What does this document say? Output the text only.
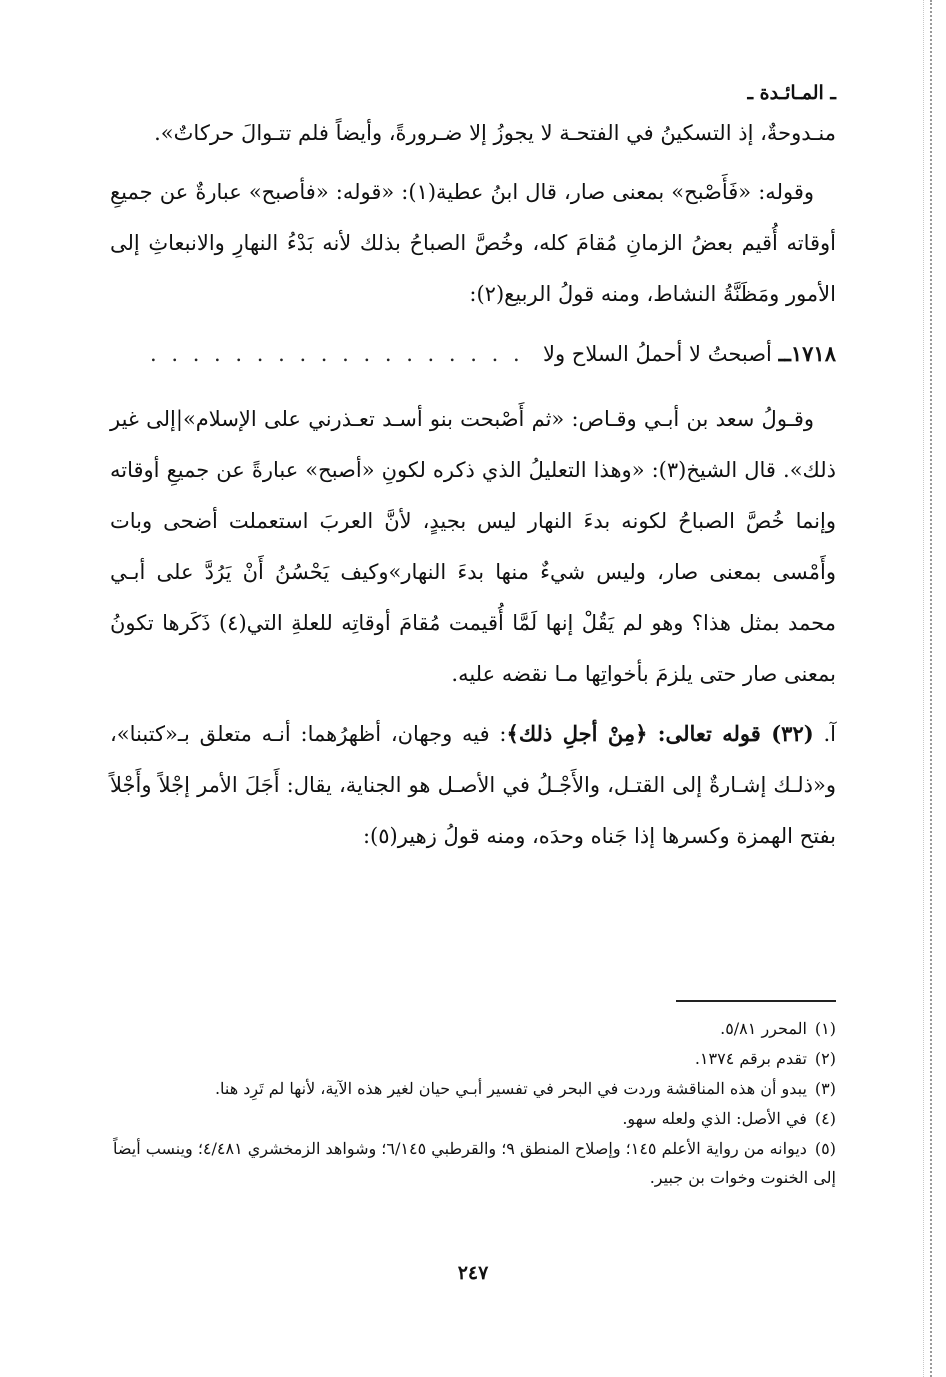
ـ المـائـدة ـ

منـدوحةٌ، إذ التسكينُ في الفتحـة لا يجوزُ إلا ضـرورةً، وأيضاً فلم تتـوالَ حركاتٌ».

وقوله: «فَأَصْبح» بمعنى صار، قال ابنُ عطية(١): «قوله: «فأصبح» عبارةٌ عن جميعِ أوقاته أُقيم بعضُ الزمانِ مُقامَ كله، وخُصَّ الصباحُ بذلك لأنه بَدْءُ النهارِ والانبعاثِ إلى الأمور ومَظَنَّةُ النشاط، ومنه قولُ الربيع(٢):

١٧١٨ــ أصبحتُ لا أحملُ السلاح ولا
. . . . . . . . . . . . . . . . . .

وقـولُ سعد بن أبـي وقـاص: «ثم أَصْبحت بنو أسـد تعـذرني على الإسلام»|إلى غير ذلك». قال الشيخ(٣): «وهذا التعليلُ الذي ذكره لكونِ «أصبح» عبارةً عن جميعِ أوقاته وإنما خُصَّ الصباحُ لكونه بدءَ النهار ليس بجيدٍ، لأنَّ العربَ استعملت أضحى وبات وأَمْسى بمعنى صار، وليس شيءٌ منها بدءَ النهار»وكيف يَحْسُنُ أَنْ يَرُدَّ على أبـي محمد بمثل هذا؟ وهو لم يَقُلْ إنها لَمَّا أُقيمت مُقامَ أوقاتِه للعلةِ التي(٤) ذَكَرها تكونُ بمعنى صار حتى يلزمَ بأخواتِها مـا نقضه عليه.

آ. (٣٢) قوله تعالى: ﴿مِنْ أجلِ ذلك﴾: فيه وجهان، أظهرُهما: أنـه متعلق بـ«كتبنا»، و«ذلـك إشـارةٌ إلى القتـل، والأَجْـلُ في الأصـل هو الجناية، يقال: أَجَلَ الأمر إجْلاً وأَجْلاً بفتح الهمزة وكسرها إذا جَناه وحدَه، ومنه قولُ زهير(٥):

(١)المحرر ٥/٨١.

(٢)تقدم برقم ١٣٧٤.

(٣)يبدو أن هذه المناقشة وردت في البحر في تفسير أبـي حيان لغير هذه الآية، لأنها لم تَرِد هنا.

(٤)في الأصل: الذي ولعله سهو.

(٥)ديوانه من رواية الأعلم ١٤٥؛ وإصلاح المنطق ٩؛ والقرطبي ٦/١٤٥؛ وشواهد الزمخشري ٤/٤٨١؛ وينسب أيضاً إلى الخنوت وخوات بن جبير.

٢٤٧
